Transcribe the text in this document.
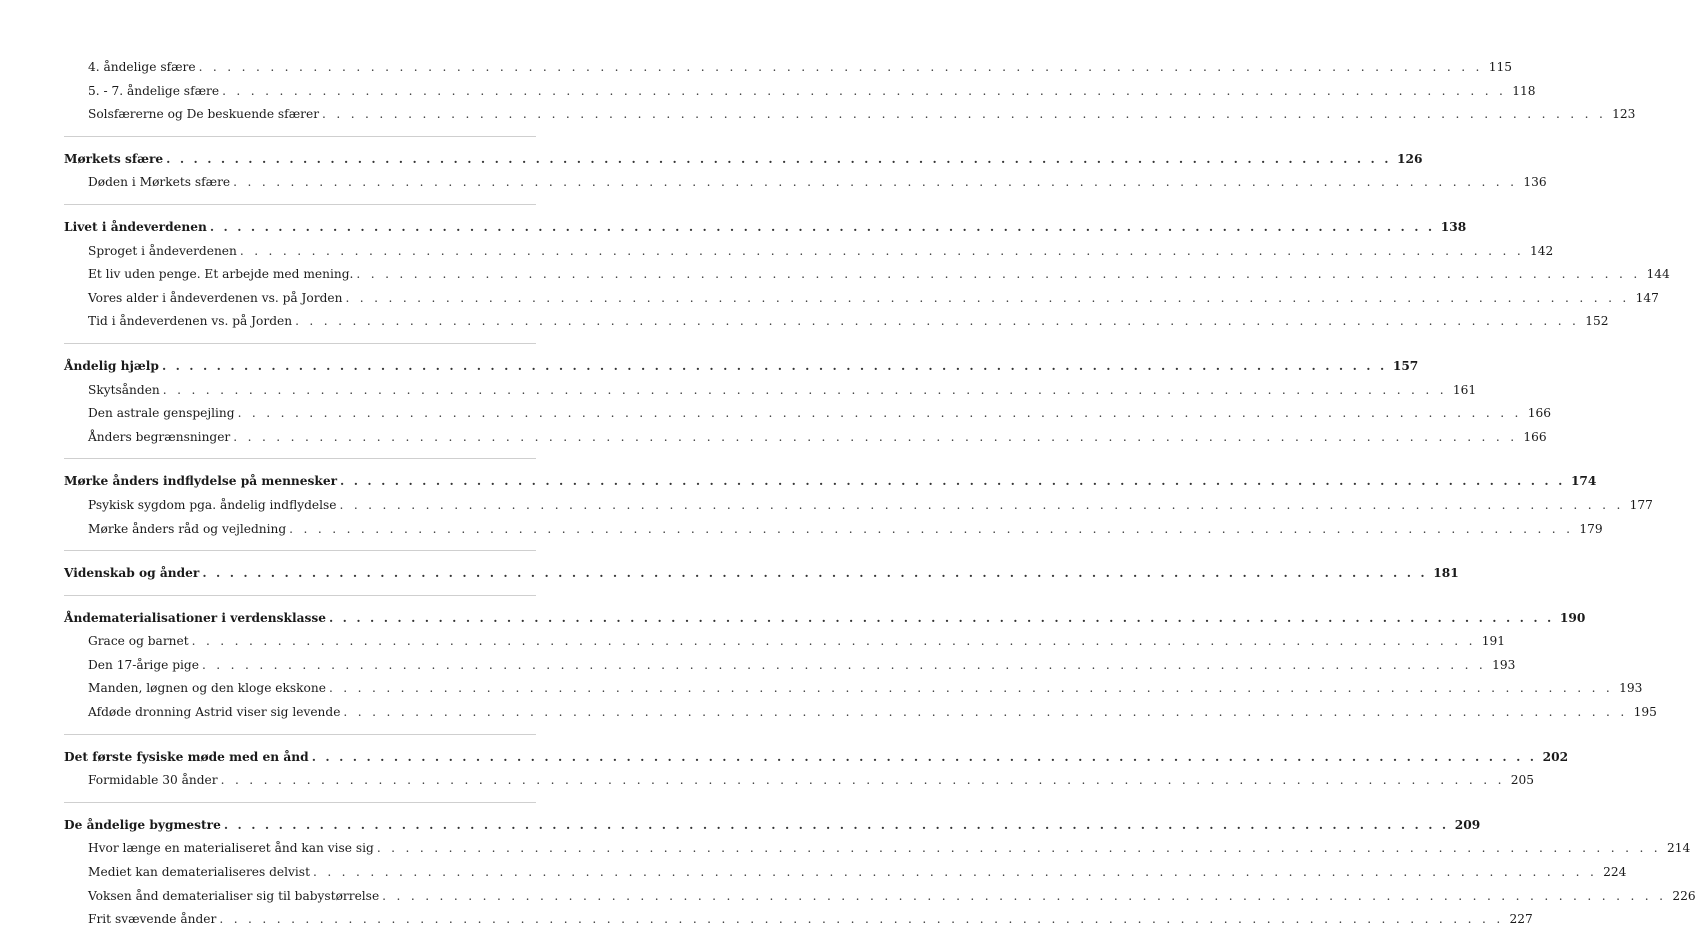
4. åndelige sfære . . . . . . . . . . . . . . . . . . . . . . . . . . . . . . . . . . . . . . . . . . . . . . . . . . . . . . . . . . . . . . . . . . . . . . . . . . . . . . . . . . . . . . . . . . 115
5. - 7. åndelige sfære . . . . . . . . . . . . . . . . . . . . . . . . . . . . . . . . . . . . . . . . . . . . . . . . . . . . . . . . . . . . . . . . . . . . . . . . . . . . . . . . . . . . . . . . . . 118
Solsfærerne og De beskuende sfærer . . . . . . . . . . . . . . . . . . . . . . . . . . . . . . . . . . . . . . . . . . . . . . . . . . . . . . . . . . . . . . . . . . . . . . . . . . . . . . . . . . . . . . . . . . 123
Mørkets sfære . . . . . . . . . . . . . . . . . . . . . . . . . . . . . . . . . . . . . . . . . . . . . . . . . . . . . . . . . . . . . . . . . . . . . . . . . . . . . . . . . . . . . . . . . . 126
Døden i Mørkets sfære . . . . . . . . . . . . . . . . . . . . . . . . . . . . . . . . . . . . . . . . . . . . . . . . . . . . . . . . . . . . . . . . . . . . . . . . . . . . . . . . . . . . . . . . . . 136
Livet i åndeverdenen . . . . . . . . . . . . . . . . . . . . . . . . . . . . . . . . . . . . . . . . . . . . . . . . . . . . . . . . . . . . . . . . . . . . . . . . . . . . . . . . . . . . . . . . . . 138
Sproget i åndeverdenen . . . . . . . . . . . . . . . . . . . . . . . . . . . . . . . . . . . . . . . . . . . . . . . . . . . . . . . . . . . . . . . . . . . . . . . . . . . . . . . . . . . . . . . . . . 142
Et liv uden penge. Et arbejde med mening. . . . . . . . . . . . . . . . . . . . . . . . . . . . . . . . . . . . . . . . . . . . . . . . . . . . . . . . . . . . . . . . . . . . . . . . . . . . . . . . . . . . . . . . . . . 144
Vores alder i åndeverdenen vs. på Jorden . . . . . . . . . . . . . . . . . . . . . . . . . . . . . . . . . . . . . . . . . . . . . . . . . . . . . . . . . . . . . . . . . . . . . . . . . . . . . . . . . . . . . . . . . . 147
Tid i åndeverdenen vs. på Jorden . . . . . . . . . . . . . . . . . . . . . . . . . . . . . . . . . . . . . . . . . . . . . . . . . . . . . . . . . . . . . . . . . . . . . . . . . . . . . . . . . . . . . . . . . . 152
Åndelig hjælp . . . . . . . . . . . . . . . . . . . . . . . . . . . . . . . . . . . . . . . . . . . . . . . . . . . . . . . . . . . . . . . . . . . . . . . . . . . . . . . . . . . . . . . . . . 157
Skytsånden . . . . . . . . . . . . . . . . . . . . . . . . . . . . . . . . . . . . . . . . . . . . . . . . . . . . . . . . . . . . . . . . . . . . . . . . . . . . . . . . . . . . . . . . . . 161
Den astrale genspejling . . . . . . . . . . . . . . . . . . . . . . . . . . . . . . . . . . . . . . . . . . . . . . . . . . . . . . . . . . . . . . . . . . . . . . . . . . . . . . . . . . . . . . . . . . 166
Ånders begrænsninger . . . . . . . . . . . . . . . . . . . . . . . . . . . . . . . . . . . . . . . . . . . . . . . . . . . . . . . . . . . . . . . . . . . . . . . . . . . . . . . . . . . . . . . . . . 166
Mørke ånders indflydelse på mennesker . . . . . . . . . . . . . . . . . . . . . . . . . . . . . . . . . . . . . . . . . . . . . . . . . . . . . . . . . . . . . . . . . . . . . . . . . . . . . . . . . . . . . . . . . . 174
Psykisk sygdom pga. åndelig indflydelse . . . . . . . . . . . . . . . . . . . . . . . . . . . . . . . . . . . . . . . . . . . . . . . . . . . . . . . . . . . . . . . . . . . . . . . . . . . . . . . . . . . . . . . . . . 177
Mørke ånders råd og vejledning . . . . . . . . . . . . . . . . . . . . . . . . . . . . . . . . . . . . . . . . . . . . . . . . . . . . . . . . . . . . . . . . . . . . . . . . . . . . . . . . . . . . . . . . . . 179
Videnskab og ånder . . . . . . . . . . . . . . . . . . . . . . . . . . . . . . . . . . . . . . . . . . . . . . . . . . . . . . . . . . . . . . . . . . . . . . . . . . . . . . . . . . . . . . . . . . 181
Åndematerialisationer i verdensklasse . . . . . . . . . . . . . . . . . . . . . . . . . . . . . . . . . . . . . . . . . . . . . . . . . . . . . . . . . . . . . . . . . . . . . . . . . . . . . . . . . . . . . . . . . . 190
Grace og barnet . . . . . . . . . . . . . . . . . . . . . . . . . . . . . . . . . . . . . . . . . . . . . . . . . . . . . . . . . . . . . . . . . . . . . . . . . . . . . . . . . . . . . . . . . . 191
Den 17-årige pige . . . . . . . . . . . . . . . . . . . . . . . . . . . . . . . . . . . . . . . . . . . . . . . . . . . . . . . . . . . . . . . . . . . . . . . . . . . . . . . . . . . . . . . . . . 193
Manden, løgnen og den kloge ekskone . . . . . . . . . . . . . . . . . . . . . . . . . . . . . . . . . . . . . . . . . . . . . . . . . . . . . . . . . . . . . . . . . . . . . . . . . . . . . . . . . . . . . . . . . . 193
Afdøde dronning Astrid viser sig levende . . . . . . . . . . . . . . . . . . . . . . . . . . . . . . . . . . . . . . . . . . . . . . . . . . . . . . . . . . . . . . . . . . . . . . . . . . . . . . . . . . . . . . . . . . 195
Det første fysiske møde med en ånd . . . . . . . . . . . . . . . . . . . . . . . . . . . . . . . . . . . . . . . . . . . . . . . . . . . . . . . . . . . . . . . . . . . . . . . . . . . . . . . . . . . . . . . . . . 202
Formidable 30 ånder . . . . . . . . . . . . . . . . . . . . . . . . . . . . . . . . . . . . . . . . . . . . . . . . . . . . . . . . . . . . . . . . . . . . . . . . . . . . . . . . . . . . . . . . . . 205
De åndelige bygmestre . . . . . . . . . . . . . . . . . . . . . . . . . . . . . . . . . . . . . . . . . . . . . . . . . . . . . . . . . . . . . . . . . . . . . . . . . . . . . . . . . . . . . . . . . . 209
Hvor længe en materialiseret ånd kan vise sig . . . . . . . . . . . . . . . . . . . . . . . . . . . . . . . . . . . . . . . . . . . . . . . . . . . . . . . . . . . . . . . . . . . . . . . . . . . . . . . . . . . . . . . . . . 214
Mediet kan dematerialiseres delvist . . . . . . . . . . . . . . . . . . . . . . . . . . . . . . . . . . . . . . . . . . . . . . . . . . . . . . . . . . . . . . . . . . . . . . . . . . . . . . . . . . . . . . . . . . 224
Voksen ånd dematerialiser sig til babystørrelse . . . . . . . . . . . . . . . . . . . . . . . . . . . . . . . . . . . . . . . . . . . . . . . . . . . . . . . . . . . . . . . . . . . . . . . . . . . . . . . . . . . . . . . . . . 226
Frit svævende ånder . . . . . . . . . . . . . . . . . . . . . . . . . . . . . . . . . . . . . . . . . . . . . . . . . . . . . . . . . . . . . . . . . . . . . . . . . . . . . . . . . . . . . . . . . . 227
